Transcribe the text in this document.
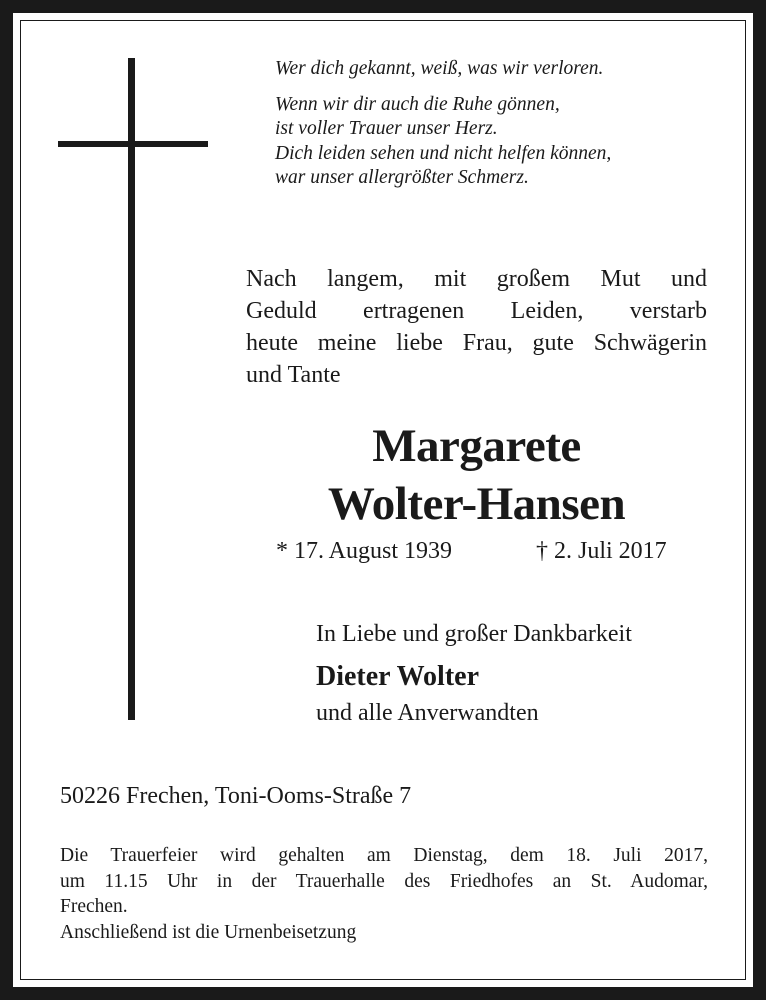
Wer dich gekannt, weiß, was wir verloren.

Wenn wir dir auch die Ruhe gönnen,

ist voller Trauer unser Herz.

Dich leiden sehen und nicht helfen können,

war unser allergrößter Schmerz.

Nach langem, mit großem Mut und
Geduld ertragenen Leiden, verstarb
heute meine liebe Frau, gute Schwägerin
und Tante
Margarete
Wolter-Hansen
* 17. August 1939	† 2. Juli 2017
In Liebe und großer Dankbarkeit
Dieter Wolter
und alle Anverwandten
50226 Frechen, Toni-Ooms-Straße 7
Die Trauerfeier wird gehalten am Dienstag, dem 18. Juli 2017,
um 11.15 Uhr in der Trauerhalle des Friedhofes an St. Audomar,
Frechen.
Anschließend ist die Urnenbeisetzung
